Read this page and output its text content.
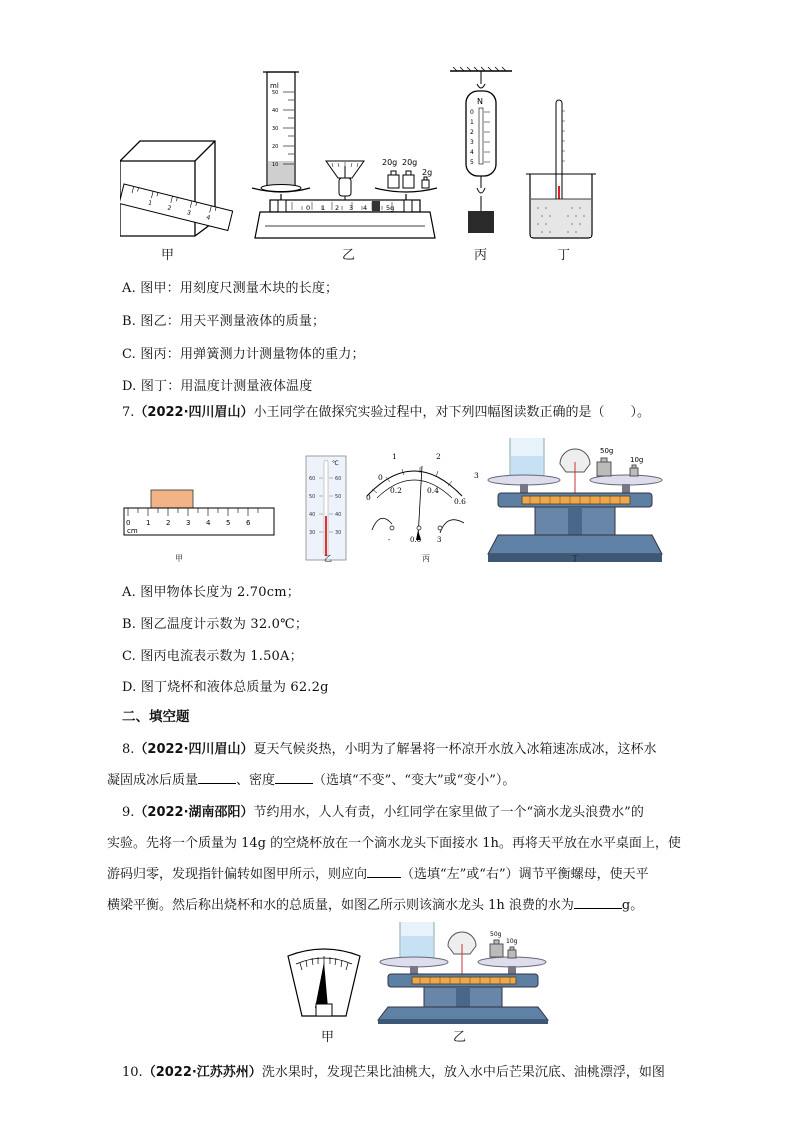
1
2
3
4
ml
50
40
30
20
10	20g 20g
2g
0 1 2 3 4	5g
N
0
1
2
3
4
5
甲	乙	丙	丁
A. 图甲：用刻度尺测量木块的长度；
B. 图乙：用天平测量液体的质量；
C. 图丙：用弹簧测力计测量物体的重力；
D. 图丁：用温度计测量液体温度
7.（2022·四川眉山）小王同学在做探究实验过程中，对下列四幅图读数正确的是（　　）。
0 1 2 3 4 5 6
cm
℃
60
50
40
30
60
50
40
30
0
1	2
3
0
0.2	0.4
0.6
-	0.6 3
50g
10g
甲	乙	丙	丁
A. 图甲物体长度为 2.70cm；
B. 图乙温度计示数为 32.0℃；
C. 图丙电流表示数为 1.50A；
D. 图丁烧杯和液体总质量为 62.2g
二、填空题
8.（2022·四川眉山）夏天气候炎热，小明为了解暑将一杯凉开水放入冰箱速冻成冰，这杯水
凝固成冰后质量	、密度	（选填“不变”、“变大”或“变小”）。
9.（2022·湖南邵阳）节约用水，人人有责，小红同学在家里做了一个“滴水龙头浪费水”的
实验。先将一个质量为 14g 的空烧杯放在一个滴水龙头下面接水 1h。再将天平放在水平桌面上，使
游码归零，发现指针偏转如图甲所示，则应向	（选填“左”或“右”）调节平衡螺母，使天平
横梁平衡。然后称出烧杯和水的总质量，如图乙所示则该滴水龙头 1h 浪费的水为	g。
50g
10g
甲	乙
10.（2022·江苏苏州）洗水果时，发现芒果比油桃大，放入水中后芒果沉底、油桃漂浮，如图
